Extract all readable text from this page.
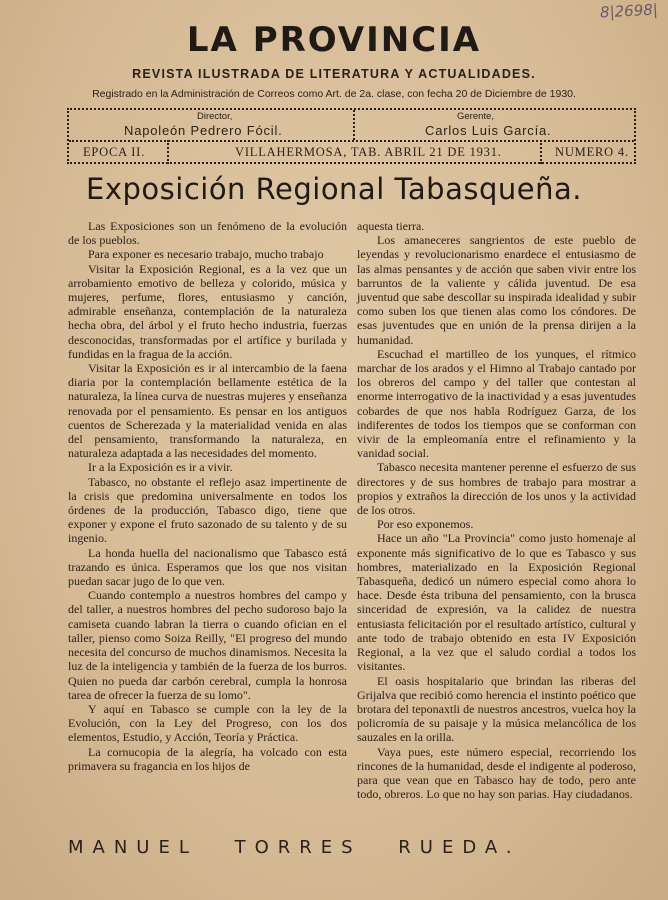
8|2698|
LA PROVINCIA
REVISTA ILUSTRADA DE LITERATURA Y ACTUALIDADES.
Registrado en la Administración de Correos como Art. de 2a. clase, con fecha 20 de Diciembre de 1930.
Director,
Napoleón Pedrero Fócil.
Gerente,
Carlos Luis García.
EPOCA II.	VILLAHERMOSA, TAB. ABRIL 21 DE 1931.	NUMERO 4.
Exposición Regional Tabasqueña.

Las Exposiciones son un fenómeno de la evolución de los pueblos.

Para exponer es necesario trabajo, mucho trabajo

Visitar la Exposición Regional, es a la vez que un arrobamiento emotivo de belleza y colorido, música y mujeres, perfume, flores, entusiasmo y canción, admirable enseñanza, contemplación de la naturaleza hecha obra, del árbol y el fruto hecho industria, fuerzas desconocidas, transformadas por el artífice y burilada y fundidas en la fragua de la acción.

Visitar la Exposición es ir al intercambio de la faena diaria por la contemplación bellamente estética de la naturaleza, la línea curva de nuestras mujeres y enseñanza renovada por el pensamiento. Es pensar en los antiguos cuentos de Scherezada y la materialidad venida en alas del pensamiento, transformando la naturaleza, en naturaleza adaptada a las necesidades del momento.

Ir a la Exposición es ir a vivir.

Tabasco, no obstante el reflejo asaz impertinente de la crisis que predomina universalmente en todos los órdenes de la producción, Tabasco digo, tiene que exponer y expone el fruto sazonado de su talento y de su ingenio.

La honda huella del nacionalismo que Tabasco está trazando es única. Esperamos que los que nos visitan puedan sacar jugo de lo que ven.

Cuando contemplo a nuestros hombres del campo y del taller, a nuestros hombres del pecho sudoroso bajo la camiseta cuando labran la tierra o cuando ofician en el taller, pienso como Soiza Reilly, "El progreso del mundo necesita del concurso de muchos dinamismos. Necesita la luz de la inteligencia y también de la fuerza de los burros. Quien no pueda dar carbón cerebral, cumpla la honrosa tarea de ofrecer la fuerza de su lomo".

Y aquí en Tabasco se cumple con la ley de la Evolución, con la Ley del Progreso, con los dos elementos, Estudio, y Acción, Teoría y Práctica.

La cornucopia de la alegría, ha volcado con esta primavera su fragancia en los hijos de

aquesta tierra.

Los amaneceres sangrientos de este pueblo de leyendas y revolucionarismo enardece el entusiasmo de las almas pensantes y de acción que saben vivir entre los barruntos de la valiente y cálida juventud. De esa juventud que sabe descollar su inspirada idealidad y subir como suben los que tienen alas como los cóndores. De esas juventudes que en unión de la prensa dirijen a la humanidad.

Escuchad el martilleo de los yunques, el rítmico marchar de los arados y el Himno al Trabajo cantado por los obreros del campo y del taller que contestan al enorme interrogativo de la inactividad y a esas juventudes cobardes de que nos habla Rodríguez Garza, de los indiferentes de todos los tiempos que se conforman con vivir de la empleomanía entre el refinamiento y la vanidad social.

Tabasco necesita mantener perenne el esfuerzo de sus directores y de sus hombres de trabajo para mostrar a propios y extraños la dirección de los unos y la actividad de los otros.

Por eso exponemos.

Hace un año "La Provincia" como justo homenaje al exponente más significativo de lo que es Tabasco y sus hombres, materializado en la Exposición Regional Tabasqueña, dedicó un número especial como ahora lo hace. Desde ésta tribuna del pensamiento, con la brusca sinceridad de expresión, va la calidez de nuestra entusiasta felicitación por el resultado artístico, cultural y ante todo de trabajo obtenido en esta IV Exposición Regional, a la vez que el saludo cordial a todos los visitantes.

El oasis hospitalario que brindan las riberas del Grijalva que recibió como herencia el instinto poético que brotara del teponaxtli de nuestros ancestros, vuelca hoy la policromía de su paisaje y la música melancólica de los sauzales en la orilla.

Vaya pues, este número especial, recorriendo los rincones de la humanidad, desde el indigente al poderoso, para que vean que en Tabasco hay de todo, pero ante todo, obreros. Lo que no hay son parias. Hay ciudadanos.

MANUEL TORRES RUEDA.
